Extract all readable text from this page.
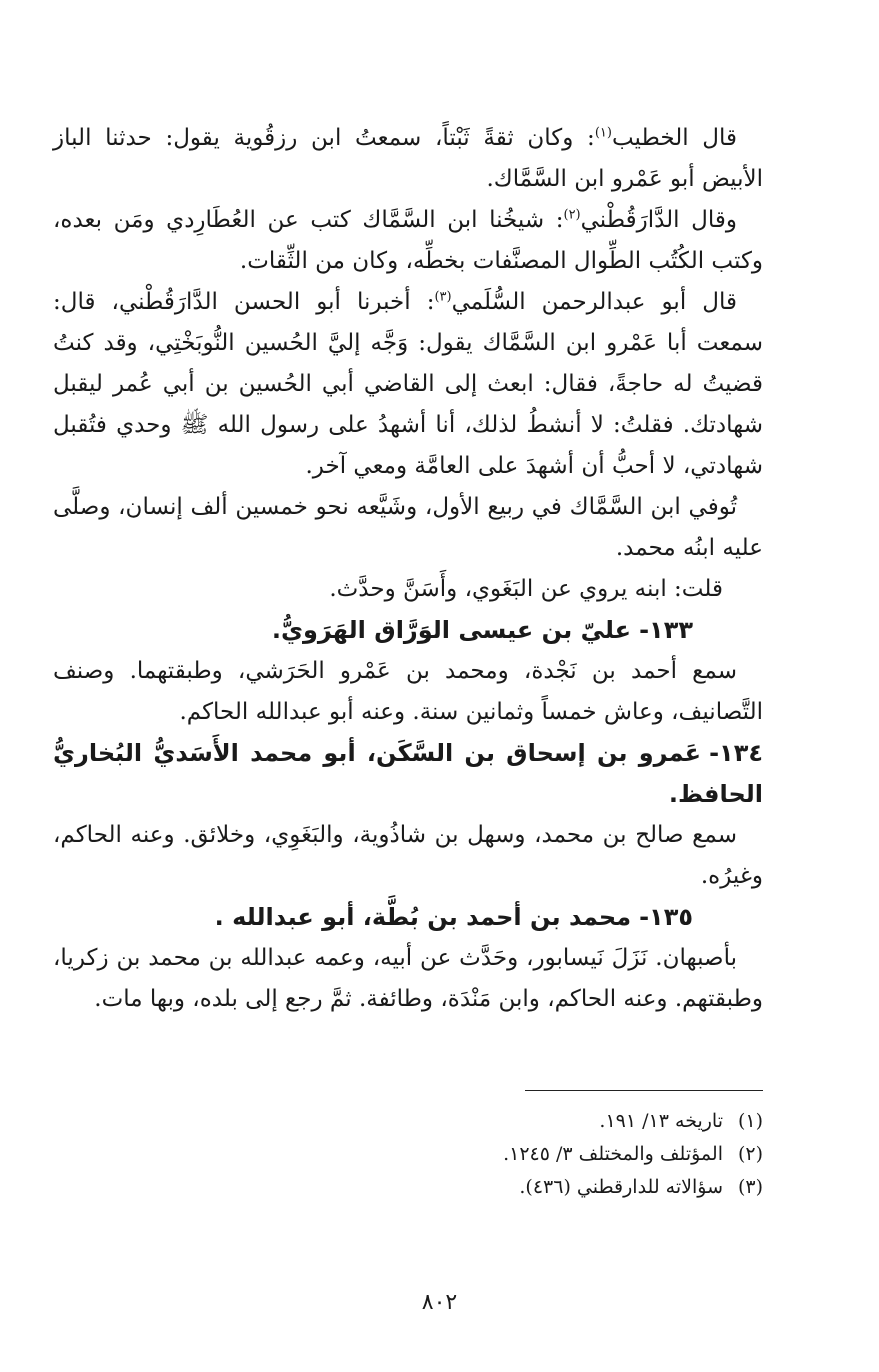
قال الخطيب$^{(١)}$: وكان ثقةً ثَبْتاً، سمعتُ ابن رزقُوية يقول: حدثنا الباز الأبيض أبو عَمْرو ابن السَّمَّاك.

وقال الدَّارَقُطْني$^{(٢)}$: شيخُنا ابن السَّمَّاك كتب عن العُطَارِدي ومَن بعده، وكتب الكُتُب الطِّوال المصنَّفات بخطِّه، وكان من الثِّقات.

قال أبو عبدالرحمن السُّلَمي$^{(٣)}$: أخبرنا أبو الحسن الدَّارَقُطْني، قال: سمعت أبا عَمْرو ابن السَّمَّاك يقول: وَجَّه إليَّ الحُسين النُّوبَخْتِي، وقد كنتُ قضيتُ له حاجةً، فقال: ابعث إلى القاضي أبي الحُسين بن أبي عُمر ليقبل شهادتك. فقلتُ: لا أنشطُ لذلك، أنا أشهدُ على رسول الله ﷺ وحدي فتُقبل شهادتي، لا أحبُّ أن أشهدَ على العامَّة ومعي آخر.

تُوفي ابن السَّمَّاك في ربيع الأول، وشَيَّعه نحو خمسين ألف إنسان، وصلَّى عليه ابنُه محمد.

قلت: ابنه يروي عن البَغَوي، وأَسَنَّ وحدَّث.

١٣٣-عليّ بن عيسى الوَرَّاق الهَرَويُّ.

سمع أحمد بن نَجْدة، ومحمد بن عَمْرو الحَرَشي، وطبقتهما. وصنف التَّصانيف، وعاش خمساً وثمانين سنة. وعنه أبو عبدالله الحاكم.

١٣٤-عَمرو بن إسحاق بن السَّكَن، أبو محمد الأَسَديُّ البُخاريُّ الحافظ.

سمع صالح بن محمد، وسهل بن شاذُوية، والبَغَوِي، وخلائق. وعنه الحاكم، وغيرُه.

١٣٥-محمد بن أحمد بن بُطَّة، أبو عبدالله .

بأصبهان. نَزَلَ نَيسابور، وحَدَّث عن أبيه، وعمه عبدالله بن محمد بن زكريا، وطبقتهم. وعنه الحاكم، وابن مَنْدَة، وطائفة. ثمَّ رجع إلى بلده، وبها مات.

(١)
تاريخه ١٣/ ١٩١.
(٢)
المؤتلف والمختلف ٣/ ١٢٤٥.
(٣)
سؤالاته للدارقطني (٤٣٦).
٨٠٢
